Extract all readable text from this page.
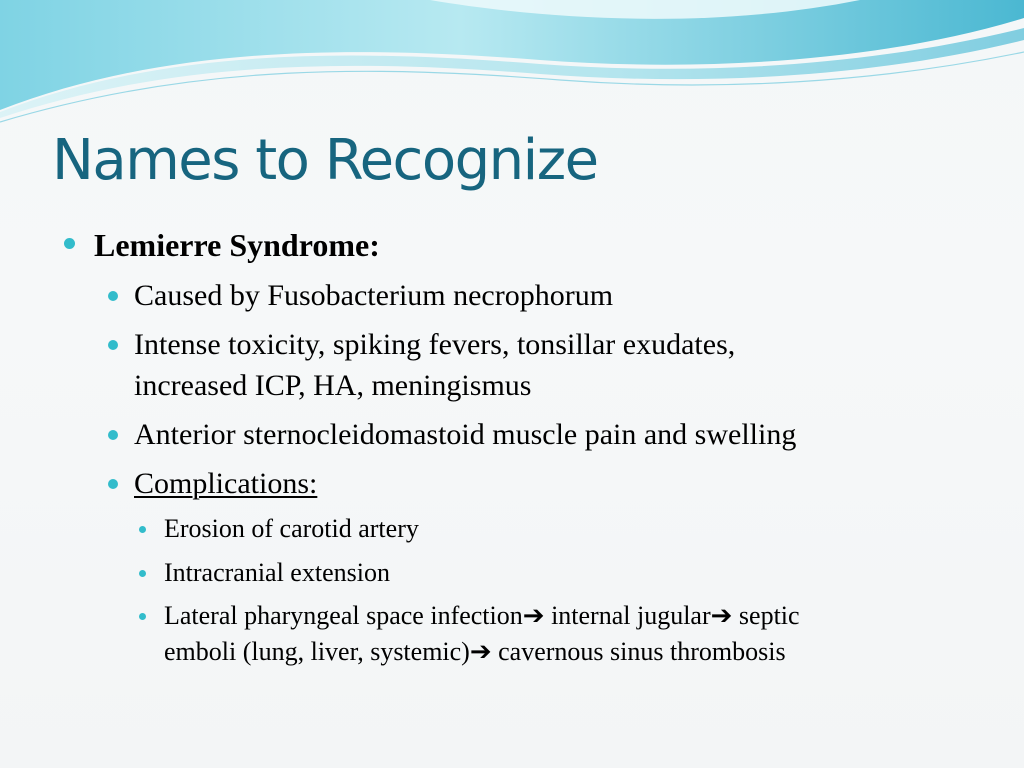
Names to Recognize
Lemierre Syndrome:
Caused by Fusobacterium necrophorum
Intense toxicity, spiking fevers, tonsillar exudates,
increased ICP, HA, meningismus
Anterior sternocleidomastoid muscle pain and swelling
Complications:
Erosion of carotid artery
Intracranial extension
Lateral pharyngeal space infection➔ internal jugular➔ septic
emboli (lung, liver, systemic)➔ cavernous sinus thrombosis
